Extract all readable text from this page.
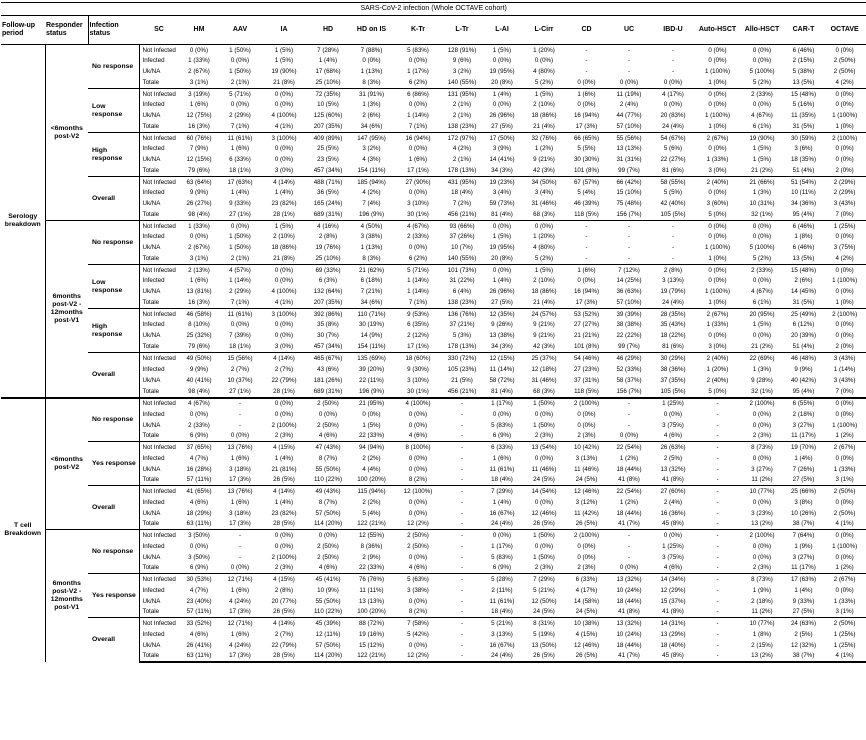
SARS-CoV-2 infection (Whole OCTAVE cohort)																				
Follow-up period	Responder status	Infection status	SC	HM	AAV	IA	HD	HD on IS	K-Tr	L-Tr	L-AI	L-Cirr	CD	UC	IBD-U	Auto-HSCT	Allo-HSCT	CAR-T	OCTAVE	
Serology breakdown	<6months post-V2	No response	Not Infected	0 (0%)	1 (50%)	1 (5%)	7 (28%)	7 (88%)	5 (83%)	128 (91%)	1 (5%)	1 (20%)	-	-	-	0 (0%)	0 (0%)	6 (46%)	0 (0%)	
			Infected	1 (33%)	0 (0%)	1 (5%)	1 (4%)	0 (0%)	0 (0%)	9 (6%)	0 (0%)	0 (0%)	-	-	-	0 (0%)	0 (0%)	2 (15%)	2 (50%)	
			Uk/NA	2 (67%)	1 (50%)	19 (90%)	17 (68%)	1 (13%)	1 (17%)	3 (2%)	19 (95%)	4 (80%)	-	-	-	1 (100%)	5 (100%)	5 (38%)	2 (50%)	
			Totale	3 (1%)	2 (1%)	21 (8%)	25 (10%)	8 (3%)	6 (2%)	140 (55%)	20 (8%)	5 (2%)	0 (0%)	0 (0%)	0 (0%)	1 (0%)	5 (2%)	13 (5%)	4 (2%)	
		Low response	Not Infected	3 (19%)	5 (71%)	0 (0%)	72 (35%)	31 (91%)	6 (86%)	131 (95%)	1 (4%)	1 (5%)	1 (6%)	11 (19%)	4 (17%)	0 (0%)	2 (33%)	15 (48%)	0 (0%)	
			Infected	1 (6%)	0 (0%)	0 (0%)	10 (5%)	1 (3%)	0 (0%)	2 (1%)	0 (0%)	2 (10%)	0 (0%)	2 (4%)	0 (0%)	0 (0%)	0 (0%)	5 (16%)	0 (0%)	
			Uk/NA	12 (75%)	2 (29%)	4 (100%)	125 (60%)	2 (6%)	1 (14%)	2 (1%)	26 (96%)	18 (86%)	16 (94%)	44 (77%)	20 (83%)	1 (100%)	4 (67%)	11 (35%)	1 (100%)	
			Totale	16 (3%)	7 (1%)	4 (1%)	207 (35%)	34 (6%)	7 (1%)	138 (23%)	27 (5%)	21 (4%)	17 (3%)	57 (10%)	24 (4%)	1 (0%)	6 (1%)	31 (5%)	1 (0%)	
		High response	Not Infected	60 (76%)	11 (61%)	3 (100%)	409 (89%)	147 (95%)	16 (94%)	172 (97%)	17 (50%)	32 (76%)	66 (65%)	55 (56%)	54 (67%)	2 (67%)	19 (90%)	30 (59%)	2 (100%)	
			Infected	7 (9%)	1 (6%)	0 (0%)	25 (5%)	3 (2%)	0 (0%)	4 (2%)	3 (9%)	1 (2%)	5 (5%)	13 (13%)	5 (6%)	0 (0%)	1 (5%)	3 (6%)	0 (0%)	
			Uk/NA	12 (15%)	6 (33%)	0 (0%)	23 (5%)	4 (3%)	1 (6%)	2 (1%)	14 (41%)	9 (21%)	30 (30%)	31 (31%)	22 (27%)	1 (33%)	1 (5%)	18 (35%)	0 (0%)	
			Totale	79 (6%)	18 (1%)	3 (0%)	457 (34%)	154 (11%)	17 (1%)	178 (13%)	34 (3%)	42 (3%)	101 (8%)	99 (7%)	81 (6%)	3 (0%)	21 (2%)	51 (4%)	2 (0%)	
		Overall	Not Infected	63 (64%)	17 (63%)	4 (14%)	488 (71%)	185 (94%)	27 (90%)	431 (95%)	19 (23%)	34 (50%)	67 (57%)	66 (42%)	58 (55%)	2 (40%)	21 (66%)	51 (54%)	2 (29%)	
			Infected	9 (9%)	1 (4%)	1 (4%)	36 (5%)	4 (2%)	0 (0%)	18 (4%)	3 (4%)	3 (4%)	5 (4%)	15 (10%)	5 (5%)	0 (0%)	1 (3%)	10 (11%)	2 (29%)	
			Uk/NA	26 (27%)	9 (33%)	23 (82%)	165 (24%)	7 (4%)	3 (10%)	7 (2%)	59 (73%)	31 (46%)	46 (39%)	75 (48%)	42 (40%)	3 (60%)	10 (31%)	34 (36%)	3 (43%)	
			Totale	98 (4%)	27 (1%)	28 (1%)	689 (31%)	196 (9%)	30 (1%)	456 (21%)	81 (4%)	68 (3%)	118 (5%)	156 (7%)	105 (5%)	5 (0%)	32 (1%)	95 (4%)	7 (0%)	
	6months post-V2 - 12months post-V1	No response	Not Infected	1 (33%)	0 (0%)	1 (5%)	4 (16%)	4 (50%)	4 (67%)	93 (66%)	0 (0%)	0 (0%)	-	-	-	0 (0%)	0 (0%)	6 (46%)	1 (25%)	
			Infected	0 (0%)	1 (50%)	2 (10%)	2 (8%)	3 (38%)	2 (33%)	37 (26%)	1 (5%)	1 (20%)	-	-	-	0 (0%)	0 (0%)	1 (8%)	0 (0%)	
			Uk/NA	2 (67%)	1 (50%)	18 (86%)	19 (76%)	1 (13%)	0 (0%)	10 (7%)	19 (95%)	4 (80%)	-	-	-	1 (100%)	5 (100%)	6 (46%)	3 (75%)	
			Totale	3 (1%)	2 (1%)	21 (8%)	25 (10%)	8 (3%)	6 (2%)	140 (55%)	20 (8%)	5 (2%)	-	-	-	1 (0%)	5 (2%)	13 (5%)	4 (2%)	
		Low response	Not Infected	2 (13%)	4 (57%)	0 (0%)	69 (33%)	21 (62%)	5 (71%)	101 (73%)	0 (0%)	1 (5%)	1 (6%)	7 (12%)	2 (8%)	0 (0%)	2 (33%)	15 (48%)	0 (0%)	
			Infected	1 (6%)	1 (14%)	0 (0%)	6 (3%)	6 (18%)	1 (14%)	31 (22%)	1 (4%)	2 (10%)	0 (0%)	14 (25%)	3 (13%)	0 (0%)	0 (0%)	2 (6%)	1 (100%)	
			Uk/NA	13 (81%)	2 (29%)	4 (100%)	132 (64%)	7 (21%)	1 (14%)	6 (4%)	26 (96%)	18 (86%)	16 (94%)	36 (63%)	19 (79%)	1 (100%)	4 (67%)	14 (45%)	0 (0%)	
			Totale	16 (3%)	7 (1%)	4 (1%)	207 (35%)	34 (6%)	7 (1%)	138 (23%)	27 (5%)	21 (4%)	17 (3%)	57 (10%)	24 (4%)	1 (0%)	6 (1%)	31 (5%)	1 (0%)	
		High response	Not Infected	46 (58%)	11 (61%)	3 (100%)	392 (86%)	110 (71%)	9 (53%)	136 (76%)	12 (35%)	24 (57%)	53 (52%)	39 (39%)	28 (35%)	2 (67%)	20 (95%)	25 (49%)	2 (100%)	
			Infected	8 (10%)	0 (0%)	0 (0%)	35 (8%)	30 (19%)	6 (35%)	37 (21%)	9 (26%)	9 (21%)	27 (27%)	38 (38%)	35 (43%)	1 (33%)	1 (5%)	6 (12%)	0 (0%)	
			Uk/NA	25 (32%)	7 (39%)	0 (0%)	30 (7%)	14 (9%)	2 (12%)	5 (3%)	13 (38%)	9 (21%)	21 (21%)	22 (22%)	18 (22%)	0 (0%)	0 (0%)	20 (39%)	0 (0%)	
			Totale	79 (6%)	18 (1%)	3 (0%)	457 (34%)	154 (11%)	17 (1%)	178 (13%)	34 (3%)	42 (3%)	101 (8%)	99 (7%)	81 (6%)	3 (0%)	21 (2%)	51 (4%)	2 (0%)	
		Overall	Not Infected	49 (50%)	15 (56%)	4 (14%)	465 (67%)	135 (69%)	18 (60%)	330 (72%)	12 (15%)	25 (37%)	54 (46%)	46 (29%)	30 (29%)	2 (40%)	22 (69%)	46 (48%)	3 (43%)	
			Infected	9 (9%)	2 (7%)	2 (7%)	43 (6%)	39 (20%)	9 (30%)	105 (23%)	11 (14%)	12 (18%)	27 (23%)	52 (33%)	38 (36%)	1 (20%)	1 (3%)	9 (9%)	1 (14%)	
			Uk/NA	40 (41%)	10 (37%)	22 (79%)	181 (26%)	22 (11%)	3 (10%)	21 (5%)	58 (72%)	31 (46%)	37 (31%)	58 (37%)	37 (35%)	2 (40%)	9 (28%)	40 (42%)	3 (43%)	
			Totale	98 (4%)	27 (1%)	28 (1%)	689 (31%)	196 (9%)	30 (1%)	456 (21%)	81 (4%)	68 (3%)	118 (5%)	156 (7%)	105 (5%)	5 (0%)	32 (1%)	95 (4%)	7 (0%)	
T cell Breakdown	<6months post-V2	No response	Not Infected	4 (67%)	-	0 (0%)	2 (50%)	21 (95%)	4 (100%)	-	1 (17%)	1 (50%)	2 (100%)	-	1 (25%)	-	2 (100%)	6 (55%)	0 (0%)	
			Infected	0 (0%)	-	0 (0%)	0 (0%)	0 (0%)	0 (0%)	-	0 (0%)	0 (0%)	0 (0%)	-	0 (0%)	-	0 (0%)	2 (18%)	0 (0%)	
			Uk/NA	2 (33%)	-	2 (100%)	2 (50%)	1 (5%)	0 (0%)	-	5 (83%)	1 (50%)	0 (0%)	-	3 (75%)	-	0 (0%)	3 (27%)	1 (100%)	
			Totale	6 (9%)	0 (0%)	2 (3%)	4 (6%)	22 (33%)	4 (6%)	-	6 (9%)	2 (3%)	2 (3%)	0 (0%)	4 (6%)	-	2 (3%)	11 (17%)	1 (2%)	
		Yes response	Not Infected	37 (65%)	13 (76%)	4 (15%)	47 (43%)	94 (94%)	8 (100%)	-	6 (33%)	13 (54%)	10 (42%)	22 (54%)	26 (63%)	-	8 (73%)	19 (70%)	2 (67%)	
			Infected	4 (7%)	1 (6%)	1 (4%)	8 (7%)	2 (2%)	0 (0%)	-	1 (6%)	0 (0%)	3 (13%)	1 (2%)	2 (5%)	-	0 (0%)	1 (4%)	0 (0%)	
			Uk/NA	16 (28%)	3 (18%)	21 (81%)	55 (50%)	4 (4%)	0 (0%)	-	11 (61%)	11 (46%)	11 (46%)	18 (44%)	13 (32%)	-	3 (27%)	7 (26%)	1 (33%)	
			Totale	57 (11%)	17 (3%)	26 (5%)	110 (22%)	100 (20%)	8 (2%)	-	18 (4%)	24 (5%)	24 (5%)	41 (8%)	41 (8%)	-	11 (2%)	27 (5%)	3 (1%)	
		Overall	Not Infected	41 (65%)	13 (76%)	4 (14%)	49 (43%)	115 (94%)	12 (100%)	-	7 (29%)	14 (54%)	12 (46%)	22 (54%)	27 (60%)	-	10 (77%)	25 (66%)	2 (50%)	
			Infected	4 (6%)	1 (6%)	1 (4%)	8 (7%)	2 (2%)	0 (0%)	-	1 (4%)	0 (0%)	3 (12%)	1 (2%)	2 (4%)	-	0 (0%)	3 (8%)	0 (0%)	
			Uk/NA	18 (29%)	3 (18%)	23 (82%)	57 (50%)	5 (4%)	0 (0%)	-	16 (67%)	12 (46%)	11 (42%)	18 (44%)	16 (36%)	-	3 (23%)	10 (26%)	2 (50%)	
			Totale	63 (11%)	17 (3%)	28 (5%)	114 (20%)	122 (21%)	12 (2%)	-	24 (4%)	26 (5%)	26 (5%)	41 (7%)	45 (8%)	-	13 (2%)	38 (7%)	4 (1%)	
	6months post-V2 - 12months post-V1	No response	Not Infected	3 (50%)	-	0 (0%)	0 (0%)	12 (55%)	2 (50%)	-	0 (0%)	1 (50%)	2 (100%)	-	0 (0%)	-	2 (100%)	7 (64%)	0 (0%)	
			Infected	0 (0%)	-	0 (0%)	2 (50%)	8 (36%)	2 (50%)	-	1 (17%)	0 (0%)	0 (0%)	-	1 (25%)	-	0 (0%)	1 (9%)	1 (100%)	
			Uk/NA	3 (50%)	-	2 (100%)	2 (50%)	2 (9%)	0 (0%)	-	5 (83%)	1 (50%)	0 (0%)	-	3 (75%)	-	0 (0%)	3 (27%)	0 (0%)	
			Totale	6 (9%)	0 (0%)	2 (3%)	4 (6%)	22 (33%)	4 (6%)	-	6 (9%)	2 (3%)	2 (3%)	0 (0%)	4 (6%)	-	2 (3%)	11 (17%)	1 (2%)	
		Yes response	Not Infected	30 (53%)	12 (71%)	4 (15%)	45 (41%)	76 (76%)	5 (63%)	-	5 (28%)	7 (29%)	6 (33%)	13 (32%)	14 (34%)	-	8 (73%)	17 (63%)	2 (67%)	
			Infected	4 (7%)	1 (6%)	2 (8%)	10 (9%)	11 (11%)	3 (38%)	-	2 (11%)	5 (21%)	4 (17%)	10 (24%)	12 (29%)	-	1 (9%)	1 (4%)	0 (0%)	
			Uk/NA	23 (40%)	4 (24%)	20 (77%)	55 (50%)	13 (13%)	0 (0%)	-	11 (61%)	12 (50%)	14 (58%)	18 (44%)	15 (37%)	-	2 (18%)	9 (33%)	1 (33%)	
			Totale	57 (11%)	17 (3%)	26 (5%)	110 (22%)	100 (20%)	8 (2%)	-	18 (4%)	24 (5%)	24 (5%)	41 (8%)	41 (8%)	-	11 (2%)	27 (5%)	3 (1%)	
		Overall	Not Infected	33 (52%)	12 (71%)	4 (14%)	45 (39%)	88 (72%)	7 (58%)	-	5 (21%)	8 (31%)	10 (38%)	13 (32%)	14 (31%)	-	10 (77%)	24 (63%)	2 (50%)	
			Infected	4 (6%)	1 (6%)	2 (7%)	12 (11%)	19 (16%)	5 (42%)	-	3 (13%)	5 (19%)	4 (15%)	10 (24%)	13 (29%)	-	1 (8%)	2 (5%)	1 (25%)	
			Uk/NA	26 (41%)	4 (24%)	22 (79%)	57 (50%)	15 (12%)	0 (0%)	-	16 (67%)	13 (50%)	12 (46%)	18 (44%)	18 (40%)	-	2 (15%)	12 (32%)	1 (25%)	
			Totale	63 (11%)	17 (3%)	28 (5%)	114 (20%)	122 (21%)	12 (2%)	-	24 (4%)	26 (5%)	26 (5%)	41 (7%)	45 (8%)	-	13 (2%)	38 (7%)	4 (1%)	
